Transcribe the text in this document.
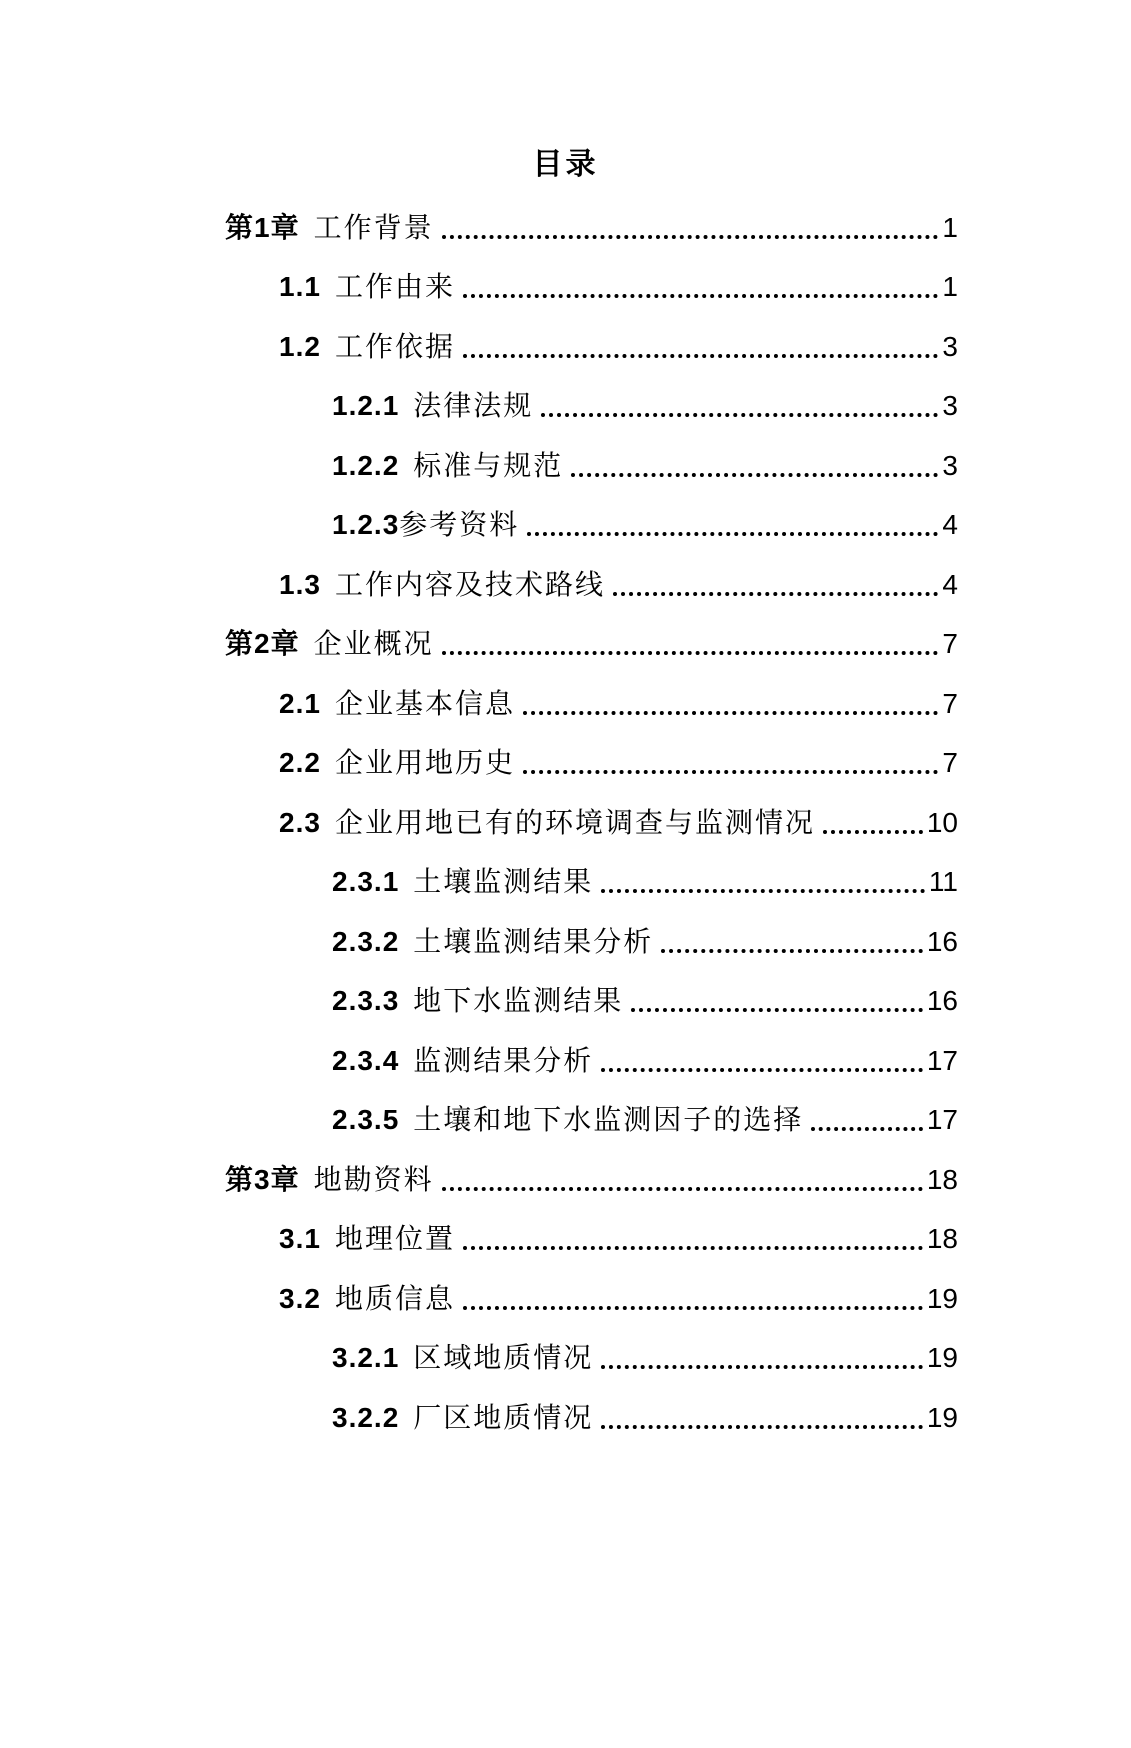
目录
第1章 工作背景	1
1.1 工作由来	1
1.2 工作依据	3
1.2.1 法律法规	3
1.2.2 标准与规范	3
1.2.3 参考资料	4
1.3 工作内容及技术路线	4
第2章 企业概况	7
2.1 企业基本信息	7
2.2 企业用地历史	7
2.3 企业用地已有的环境调查与监测情况	10
2.3.1 土壤监测结果	11
2.3.2 土壤监测结果分析	16
2.3.3 地下水监测结果	16
2.3.4 监测结果分析	17
2.3.5 土壤和地下水监测因子的选择	17
第3章 地勘资料	18
3.1 地理位置	18
3.2 地质信息	19
3.2.1 区域地质情况	19
3.2.2 厂区地质情况	19
